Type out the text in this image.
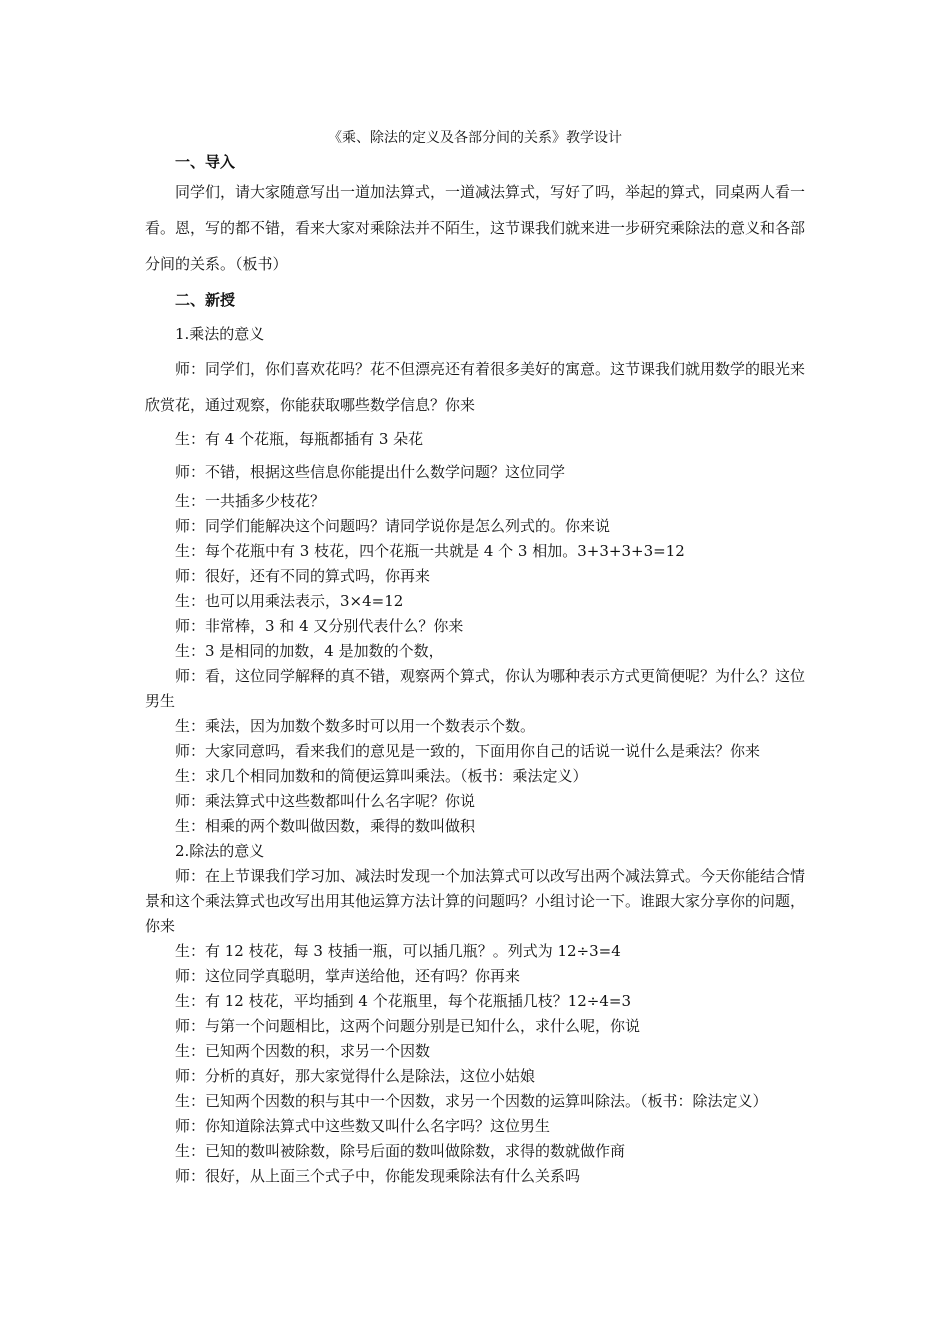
《乘、除法的定义及各部分间的关系》教学设计

一、导入

同学们，请大家随意写出一道加法算式，一道减法算式，写好了吗，举起的算式，同桌两人看一看。恩，写的都不错，看来大家对乘除法并不陌生，这节课我们就来进一步研究乘除法的意义和各部分间的关系。（板书）

二、新授

1.乘法的意义

师：同学们，你们喜欢花吗？花不但漂亮还有着很多美好的寓意。这节课我们就用数学的眼光来欣赏花，通过观察，你能获取哪些数学信息？你来

生：有 4 个花瓶，每瓶都插有 3 朵花

师：不错，根据这些信息你能提出什么数学问题？这位同学

生：一共插多少枝花？

师：同学们能解决这个问题吗？请同学说你是怎么列式的。你来说

生：每个花瓶中有 3 枝花，四个花瓶一共就是 4 个 3 相加。3+3+3+3=12

师：很好，还有不同的算式吗，你再来

生：也可以用乘法表示，3×4=12

师：非常棒，3 和 4 又分别代表什么？你来

生：3 是相同的加数，4 是加数的个数，

师：看，这位同学解释的真不错，观察两个算式，你认为哪种表示方式更简便呢？为什么？这位男生

生：乘法，因为加数个数多时可以用一个数表示个数。

师：大家同意吗，看来我们的意见是一致的，下面用你自己的话说一说什么是乘法？你来

生：求几个相同加数和的简便运算叫乘法。（板书：乘法定义）

师：乘法算式中这些数都叫什么名字呢？你说

生：相乘的两个数叫做因数，乘得的数叫做积

2.除法的意义

师：在上节课我们学习加、减法时发现一个加法算式可以改写出两个减法算式。今天你能结合情景和这个乘法算式也改写出用其他运算方法计算的问题吗？小组讨论一下。谁跟大家分享你的问题，你来

生：有 12 枝花，每 3 枝插一瓶，可以插几瓶？。列式为 12÷3=4

师：这位同学真聪明，掌声送给他，还有吗？你再来

生：有 12 枝花，平均插到 4 个花瓶里，每个花瓶插几枝？12÷4=3

师：与第一个问题相比，这两个问题分别是已知什么，求什么呢，你说

生：已知两个因数的积，求另一个因数

师：分析的真好，那大家觉得什么是除法，这位小姑娘

生：已知两个因数的积与其中一个因数，求另一个因数的运算叫除法。（板书：除法定义）

师：你知道除法算式中这些数又叫什么名字吗？这位男生

生：已知的数叫被除数，除号后面的数叫做除数，求得的数就做作商

师：很好，从上面三个式子中，你能发现乘除法有什么关系吗
